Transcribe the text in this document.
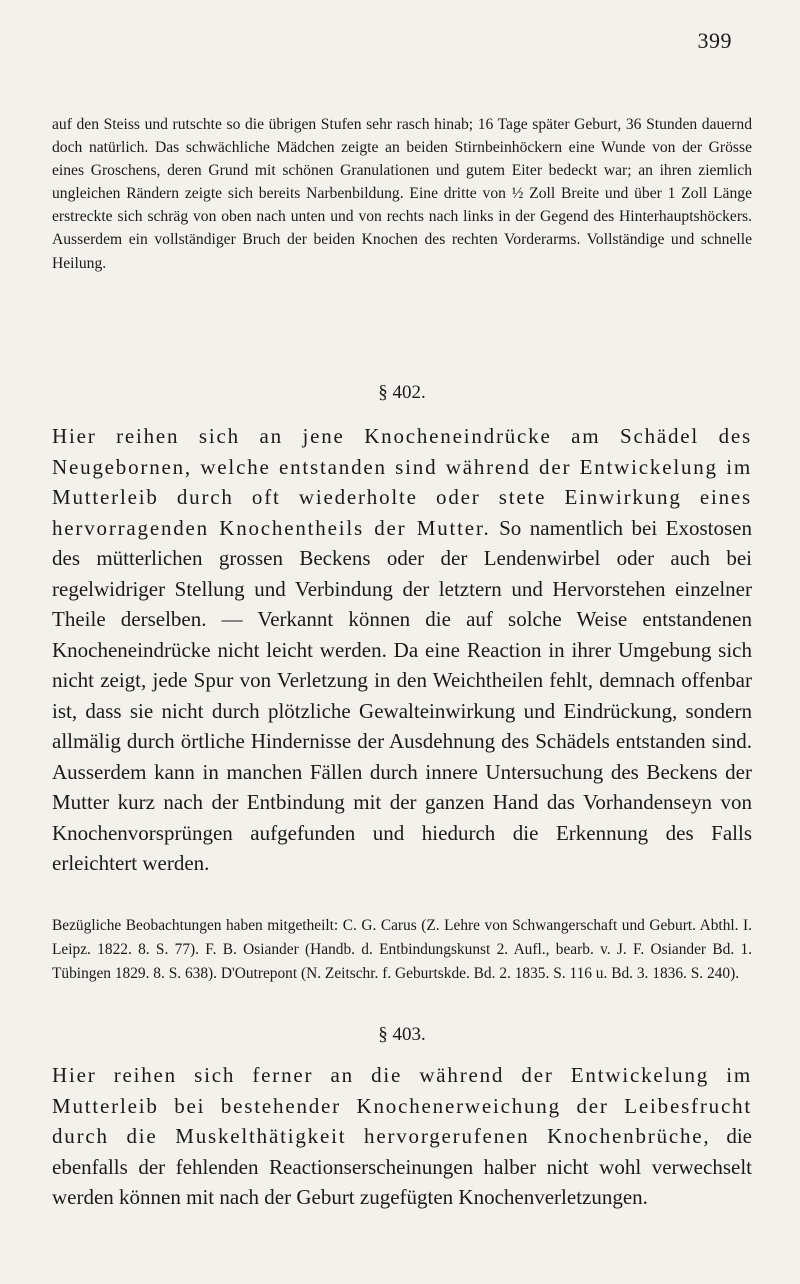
399

auf den Steiss und rutschte so die übrigen Stufen sehr rasch hinab; 16 Tage später Geburt, 36 Stunden dauernd doch natürlich. Das schwächliche Mädchen zeigte an beiden Stirnbeinhöckern eine Wunde von der Grösse eines Groschens, deren Grund mit schönen Granulationen und gutem Eiter bedeckt war; an ihren ziemlich ungleichen Rändern zeigte sich bereits Narbenbildung. Eine dritte von ½ Zoll Breite und über 1 Zoll Länge erstreckte sich schräg von oben nach unten und von rechts nach links in der Gegend des Hinterhauptshöckers. Ausserdem ein vollständiger Bruch der beiden Knochen des rechten Vorderarms. Vollständige und schnelle Heilung.

§ 402.

Hier reihen sich an jene Knocheneindrücke am Schädel des Neugebornen, welche entstanden sind während der Entwickelung im Mutterleib durch oft wiederholte oder stete Einwirkung eines hervorragenden Knochentheils der Mutter. So namentlich bei Exostosen des mütterlichen grossen Beckens oder der Lendenwirbel oder auch bei regelwidriger Stellung und Verbindung der letztern und Hervorstehen einzelner Theile derselben. — Verkannt können die auf solche Weise entstandenen Knocheneindrücke nicht leicht werden. Da eine Reaction in ihrer Umgebung sich nicht zeigt, jede Spur von Verletzung in den Weichtheilen fehlt, demnach offenbar ist, dass sie nicht durch plötzliche Gewalteinwirkung und Eindrückung, sondern allmälig durch örtliche Hindernisse der Ausdehnung des Schädels entstanden sind. Ausserdem kann in manchen Fällen durch innere Untersuchung des Beckens der Mutter kurz nach der Entbindung mit der ganzen Hand das Vorhandenseyn von Knochenvorsprüngen aufgefunden und hiedurch die Erkennung des Falls erleichtert werden.

Bezügliche Beobachtungen haben mitgetheilt: C. G. Carus (Z. Lehre von Schwangerschaft und Geburt. Abthl. I. Leipz. 1822. 8. S. 77). F. B. Osiander (Handb. d. Entbindungskunst 2. Aufl., bearb. v. J. F. Osiander Bd. 1. Tübingen 1829. 8. S. 638). D'Outrepont (N. Zeitschr. f. Geburtskde. Bd. 2. 1835. S. 116 u. Bd. 3. 1836. S. 240).

§ 403.

Hier reihen sich ferner an die während der Entwickelung im Mutterleib bei bestehender Knochenerweichung der Leibesfrucht durch die Muskelthätigkeit hervorgerufenen Knochenbrüche, die ebenfalls der fehlenden Reactionserscheinungen halber nicht wohl verwechselt werden können mit nach der Geburt zugefügten Knochenverletzungen.
